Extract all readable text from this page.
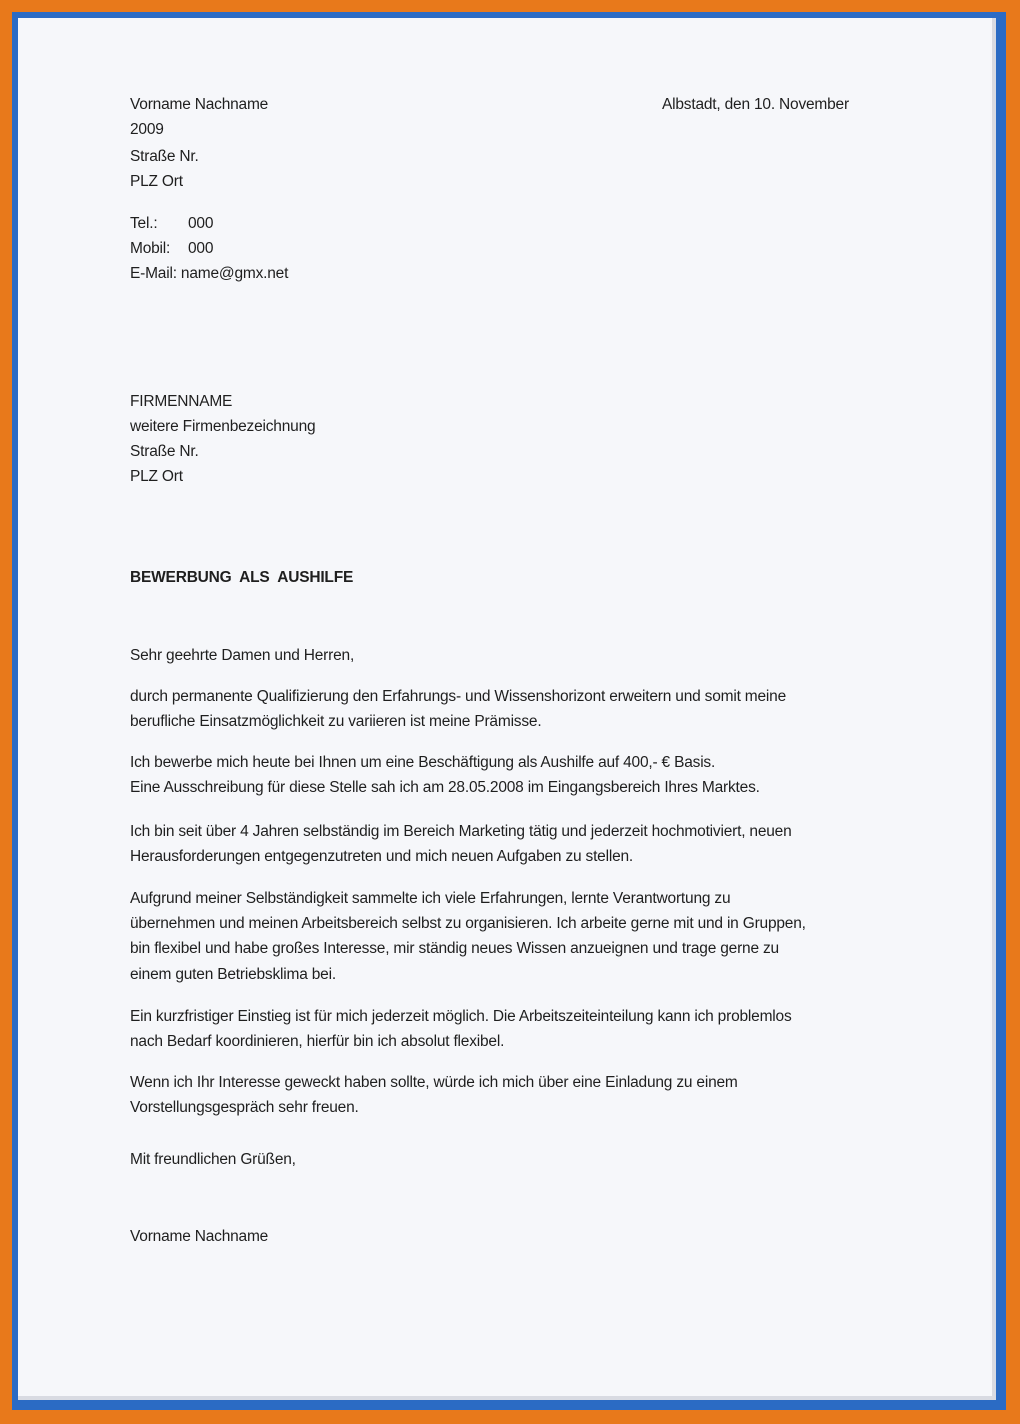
Vorname Nachname	Albstadt, den 10. November
2009
Straße Nr.
PLZ Ort
Tel.: 000
Mobil: 000
E-Mail: name@gmx.net
FIRMENNAME
weitere Firmenbezeichnung
Straße Nr.
PLZ Ort
BEWERBUNG  ALS  AUSHILFE
Sehr geehrte Damen und Herren,
durch permanente Qualifizierung den Erfahrungs- und Wissenshorizont erweitern und somit meine
berufliche Einsatzmöglichkeit zu variieren ist meine Prämisse.
Ich bewerbe mich heute bei Ihnen um eine Beschäftigung als Aushilfe auf 400,- € Basis.
Eine Ausschreibung für diese Stelle sah ich am 28.05.2008 im Eingangsbereich Ihres Marktes.
Ich bin seit über 4 Jahren selbständig im Bereich Marketing tätig und jederzeit hochmotiviert, neuen
Herausforderungen entgegenzutreten und mich neuen Aufgaben zu stellen.
Aufgrund meiner Selbständigkeit sammelte ich viele Erfahrungen, lernte Verantwortung zu
übernehmen und meinen Arbeitsbereich selbst zu organisieren. Ich arbeite gerne mit und in Gruppen,
bin flexibel und habe großes Interesse, mir ständig neues Wissen anzueignen und trage gerne zu
einem guten Betriebsklima bei.
Ein kurzfristiger Einstieg ist für mich jederzeit möglich. Die Arbeitszeiteinteilung kann ich problemlos
nach Bedarf koordinieren, hierfür bin ich absolut flexibel.
Wenn ich Ihr Interesse geweckt haben sollte, würde ich mich über eine Einladung zu einem
Vorstellungsgespräch sehr freuen.
Mit freundlichen Grüßen,
Vorname Nachname
